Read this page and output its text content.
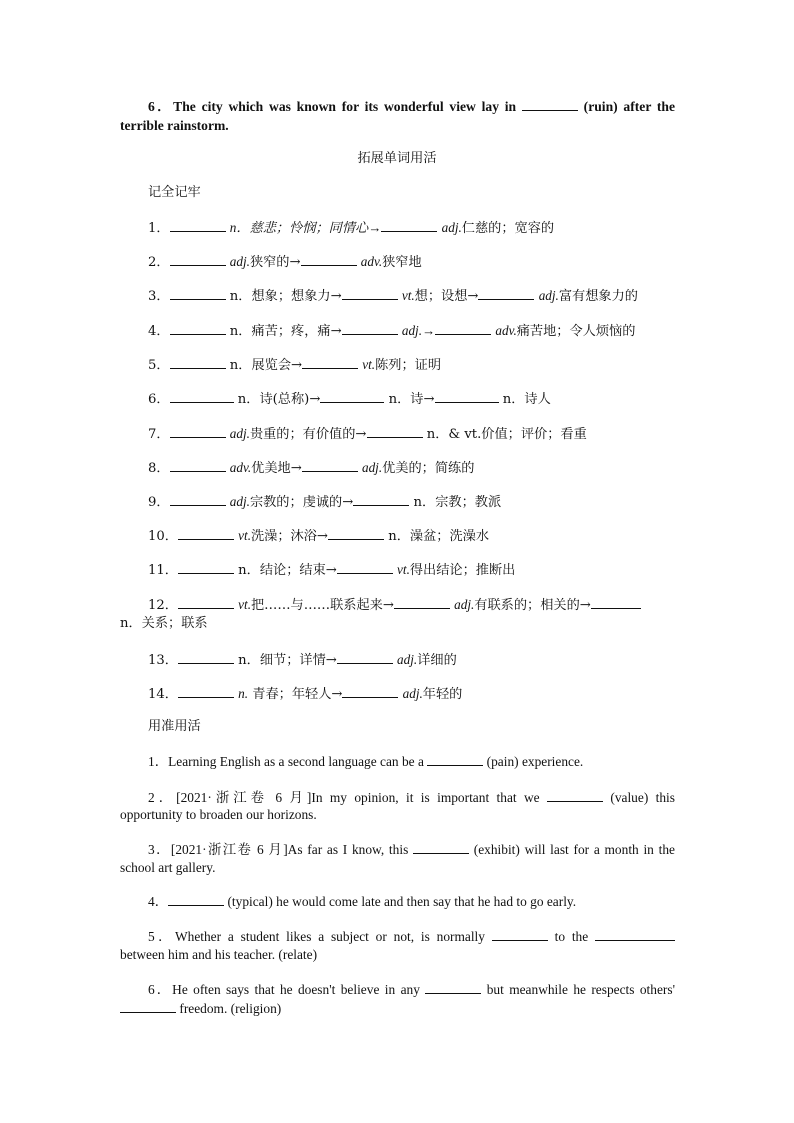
6．The city which was known for its wonderful view lay in	(ruin) after the
terrible rainstorm.
拓展单词用活
记全记牢
1．	n．慈悲；怜悯；同情心→	adj.仁慈的；宽容的
2．	adj.狭窄的→	adv.狭窄地
3．	n．想象；想象力→	vt.想；设想→	adj.富有想象力的
4．	n．痛苦；疼，痛→	adj.→	adv.痛苦地；令人烦恼的
5．	n．展览会→	vt.陈列；证明
6．	n．诗(总称)→	n．诗→	n．诗人
7．	adj.贵重的；有价值的→	n．& vt.价值；评价；看重
8．	adv.优美地→	adj.优美的；简练的
9．	adj.宗教的；虔诚的→	n．宗教；教派
10．	vt.洗澡；沐浴→	n．澡盆；洗澡水
11．	n．结论；结束→	vt.得出结论；推断出
12．	vt.把……与……联系起来→	adj.有联系的；相关的→
n．关系；联系
13．	n．细节；详情→	adj.详细的
14．	n. 青春；年轻人→	adj.年轻的
用准用活
1．Learning English as a second language can be a	(pain) experience.
2．[2021·浙江卷 6 月]In my opinion, it is important that we	(value) this
opportunity to broaden our horizons.
3．[2021·浙江卷 6 月]As far as I know, this	(exhibit) will last for a month in the
school art gallery.
4．	(typical) he would come late and then say that he had to go early.
5．Whether a student likes a subject or not, is normally	to the
between him and his teacher. (relate)
6．He often says that he doesn't believe in any	but meanwhile he respects others'
freedom. (religion)
